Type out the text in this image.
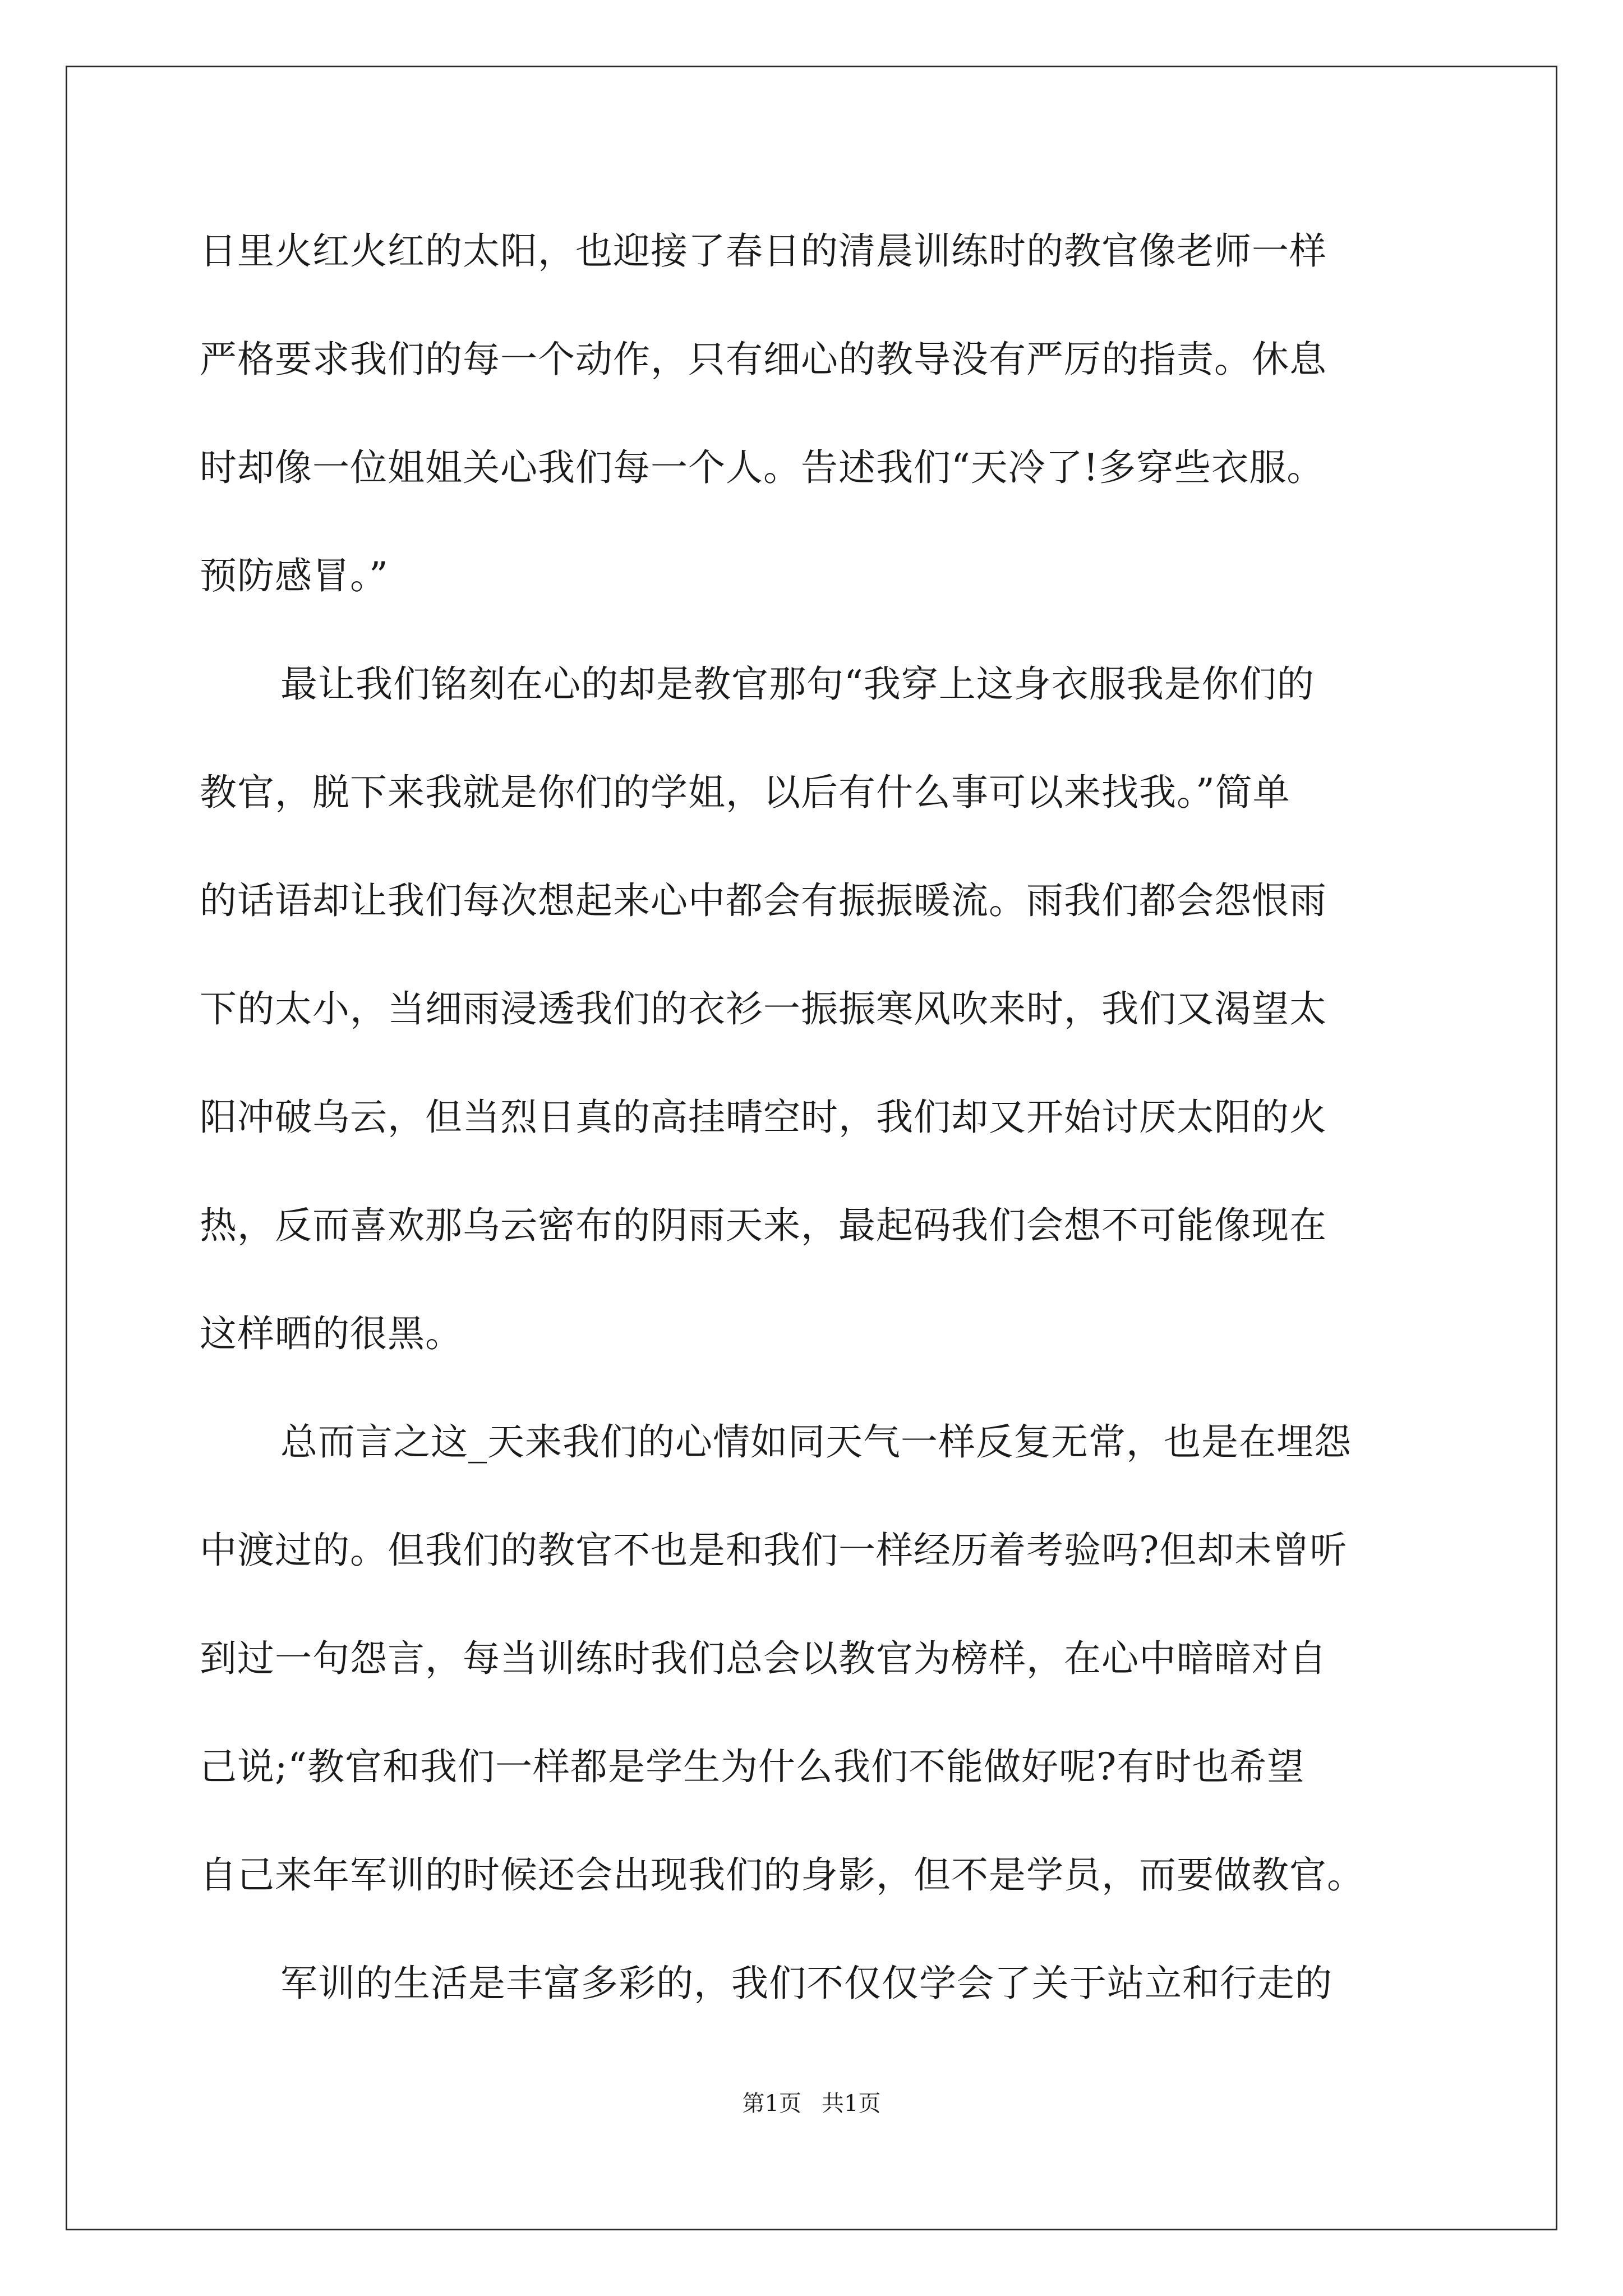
日里火红火红的太阳，也迎接了春日的清晨训练时的教官像老师一样
严格要求我们的每一个动作，只有细心的教导没有严厉的指责。休息
时却像一位姐姐关心我们每一个人。告述我们“天冷了!多穿些衣服。
预防感冒。”
最让我们铭刻在心的却是教官那句“我穿上这身衣服我是你们的
教官，脱下来我就是你们的学姐，以后有什么事可以来找我。”简单
的话语却让我们每次想起来心中都会有振振暖流。雨我们都会怨恨雨
下的太小，当细雨浸透我们的衣衫一振振寒风吹来时，我们又渴望太
阳冲破乌云，但当烈日真的高挂晴空时，我们却又开始讨厌太阳的火
热，反而喜欢那乌云密布的阴雨天来，最起码我们会想不可能像现在
这样晒的很黑。
总而言之这_天来我们的心情如同天气一样反复无常，也是在埋怨
中渡过的。但我们的教官不也是和我们一样经历着考验吗?但却未曾听
到过一句怨言，每当训练时我们总会以教官为榜样，在心中暗暗对自
己说;“教官和我们一样都是学生为什么我们不能做好呢?有时也希望
自己来年军训的时候还会出现我们的身影，但不是学员，而要做教官。
军训的生活是丰富多彩的，我们不仅仅学会了关于站立和行走的
第1页 共1页
